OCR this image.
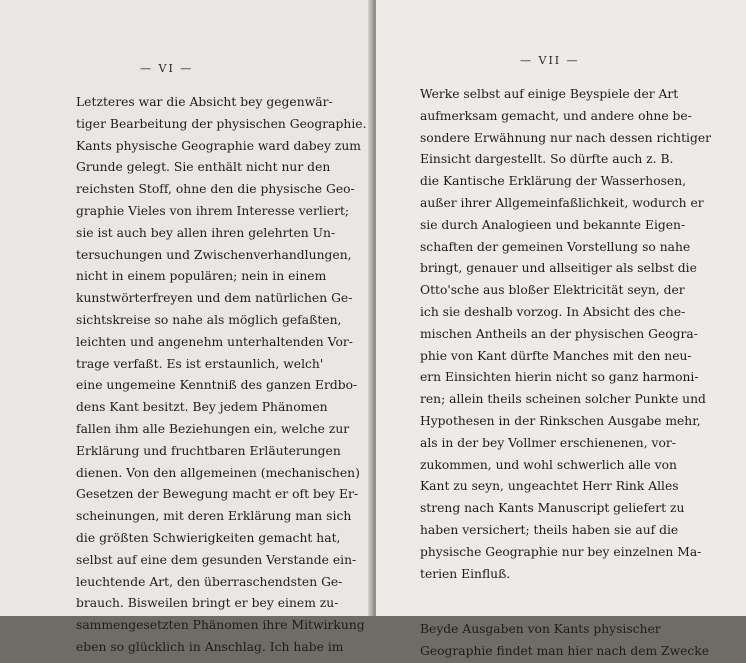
— VI —
Letzteres war die Absicht bey gegenwär-
tiger Bearbeitung der physischen Geographie.
Kants physische Geographie ward dabey zum
Grunde gelegt. Sie enthält nicht nur den
reichsten Stoff, ohne den die physische Geo-
graphie Vieles von ihrem Interesse verliert;
sie ist auch bey allen ihren gelehrten Un-
tersuchungen und Zwischenverhandlungen,
nicht in einem populären; nein in einem
kunstwörterfreyen und dem natürlichen Ge-
sichtskreise so nahe als möglich gefaßten,
leichten und angenehm unterhaltenden Vor-
trage verfaßt. Es ist erstaunlich, welch'
eine ungemeine Kenntniß des ganzen Erdbo-
dens Kant besitzt. Bey jedem Phänomen
fallen ihm alle Beziehungen ein, welche zur
Erklärung und fruchtbaren Erläuterungen
dienen. Von den allgemeinen (mechanischen)
Gesetzen der Bewegung macht er oft bey Er-
scheinungen, mit deren Erklärung man sich
die größten Schwierigkeiten gemacht hat,
selbst auf eine dem gesunden Verstande ein-
leuchtende Art, den überraschendsten Ge-
brauch. Bisweilen bringt er bey einem zu-
sammengesetzten Phänomen ihre Mitwirkung
eben so glücklich in Anschlag. Ich habe im
— VII —
Werke selbst auf einige Beyspiele der Art
aufmerksam gemacht, und andere ohne be-
sondere Erwähnung nur nach dessen richtiger
Einsicht dargestellt. So dürfte auch z. B.
die Kantische Erklärung der Wasserhosen,
außer ihrer Allgemeinfaßlichkeit, wodurch er
sie durch Analogieen und bekannte Eigen-
schaften der gemeinen Vorstellung so nahe
bringt, genauer und allseitiger als selbst die
Otto'sche aus bloßer Elektricität seyn, der
ich sie deshalb vorzog. In Absicht des che-
mischen Antheils an der physischen Geogra-
phie von Kant dürfte Manches mit den neu-
ern Einsichten hierin nicht so ganz harmoni-
ren; allein theils scheinen solcher Punkte und
Hypothesen in der Rinkschen Ausgabe mehr,
als in der bey Vollmer erschienenen, vor-
zukommen, und wohl schwerlich alle von
Kant zu seyn, ungeachtet Herr Rink Alles
streng nach Kants Manuscript geliefert zu
haben versichert; theils haben sie auf die
physische Geographie nur bey einzelnen Ma-
terien Einfluß.
Beyde Ausgaben von Kants physischer
Geographie findet man hier nach dem Zwecke
